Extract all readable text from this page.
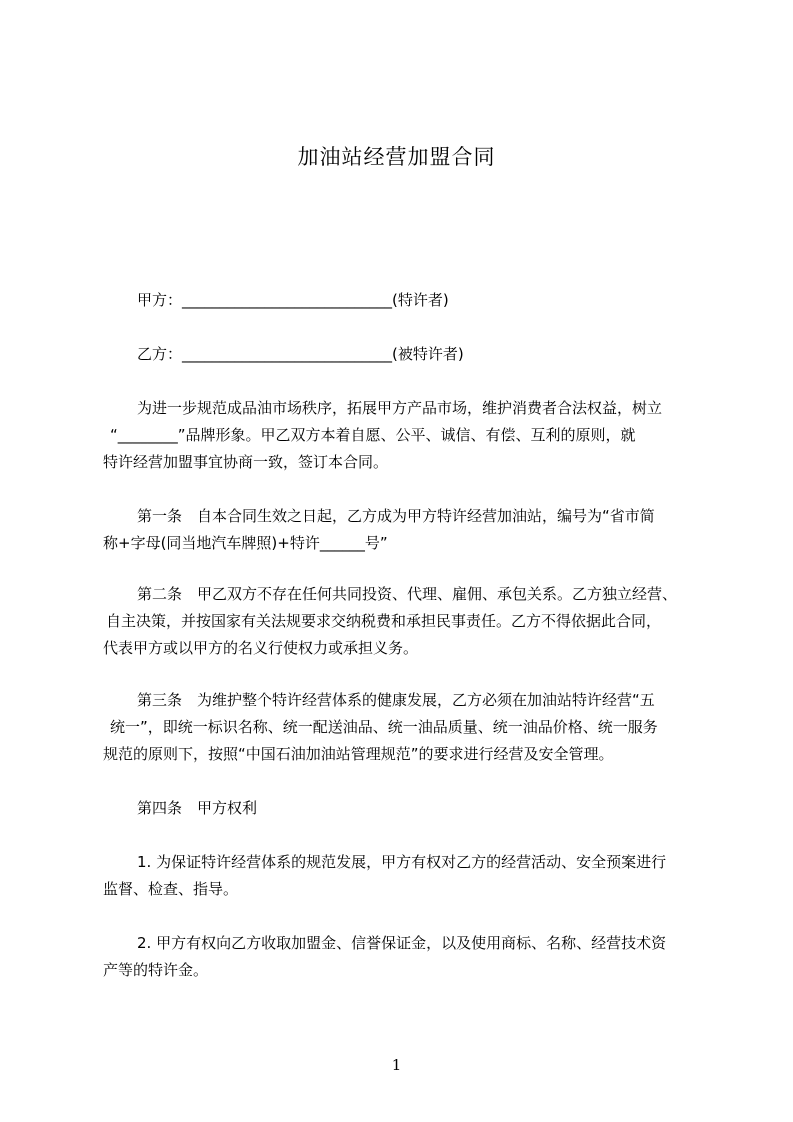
加油站经营加盟合同
甲方：____________________________(特许者)
乙方：____________________________(被特许者)
为进一步规范成品油市场秩序，拓展甲方产品市场，维护消费者合法权益，树立
“________”品牌形象。甲乙双方本着自愿、公平、诚信、有偿、互利的原则，就
特许经营加盟事宜协商一致，签订本合同。
第一条　自本合同生效之日起，乙方成为甲方特许经营加油站，编号为“省市简
称+字母(同当地汽车牌照)+特许______号”
第二条　甲乙双方不存在任何共同投资、代理、雇佣、承包关系。乙方独立经营、
自主决策，并按国家有关法规要求交纳税费和承担民事责任。乙方不得依据此合同，
代表甲方或以甲方的名义行使权力或承担义务。
第三条　为维护整个特许经营体系的健康发展，乙方必须在加油站特许经营“五
统一”，即统一标识名称、统一配送油品、统一油品质量、统一油品价格、统一服务
规范的原则下，按照“中国石油加油站管理规范”的要求进行经营及安全管理。
第四条　甲方权利
1. 为保证特许经营体系的规范发展，甲方有权对乙方的经营活动、安全预案进行
监督、检查、指导。
2. 甲方有权向乙方收取加盟金、信誉保证金，以及使用商标、名称、经营技术资
产等的特许金。
1
